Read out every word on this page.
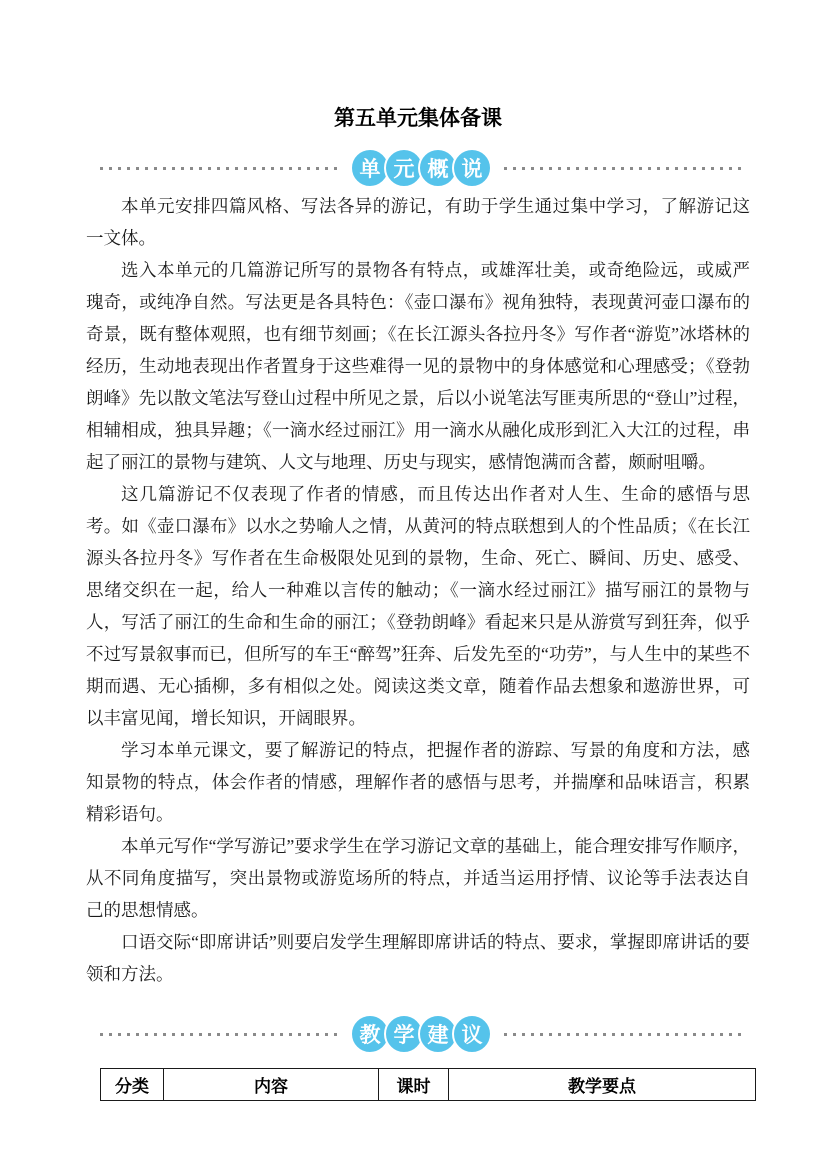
第五单元集体备课
单 元 概 说

本单元安排四篇风格、写法各异的游记，有助于学生通过集中学习，了解游记这一文体。

选入本单元的几篇游记所写的景物各有特点，或雄浑壮美，或奇绝险远，或威严瑰奇，或纯净自然。写法更是各具特色：《壶口瀑布》视角独特，表现黄河壶口瀑布的奇景，既有整体观照，也有细节刻画；《在长江源头各拉丹冬》写作者“游览”冰塔林的经历，生动地表现出作者置身于这些难得一见的景物中的身体感觉和心理感受；《登勃朗峰》先以散文笔法写登山过程中所见之景，后以小说笔法写匪夷所思的“登山”过程，相辅相成，独具异趣；《一滴水经过丽江》用一滴水从融化成形到汇入大江的过程，串起了丽江的景物与建筑、人文与地理、历史与现实，感情饱满而含蓄，颇耐咀嚼。

这几篇游记不仅表现了作者的情感，而且传达出作者对人生、生命的感悟与思考。如《壶口瀑布》以水之势喻人之情，从黄河的特点联想到人的个性品质；《在长江源头各拉丹冬》写作者在生命极限处见到的景物，生命、死亡、瞬间、历史、感受、思绪交织在一起，给人一种难以言传的触动；《一滴水经过丽江》描写丽江的景物与人，写活了丽江的生命和生命的丽江；《登勃朗峰》看起来只是从游赏写到狂奔，似乎不过写景叙事而已，但所写的车王“醉驾”狂奔、后发先至的“功劳”，与人生中的某些不期而遇、无心插柳，多有相似之处。阅读这类文章，随着作品去想象和遨游世界，可以丰富见闻，增长知识，开阔眼界。

学习本单元课文，要了解游记的特点，把握作者的游踪、写景的角度和方法，感知景物的特点，体会作者的情感，理解作者的感悟与思考，并揣摩和品味语言，积累精彩语句。

本单元写作“学写游记”要求学生在学习游记文章的基础上，能合理安排写作顺序，从不同角度描写，突出景物或游览场所的特点，并适当运用抒情、议论等手法表达自己的思想情感。

口语交际“即席讲话”则要启发学生理解即席讲话的特点、要求，掌握即席讲话的要领和方法。

教 学 建 议
分类	内容	课时	教学要点
